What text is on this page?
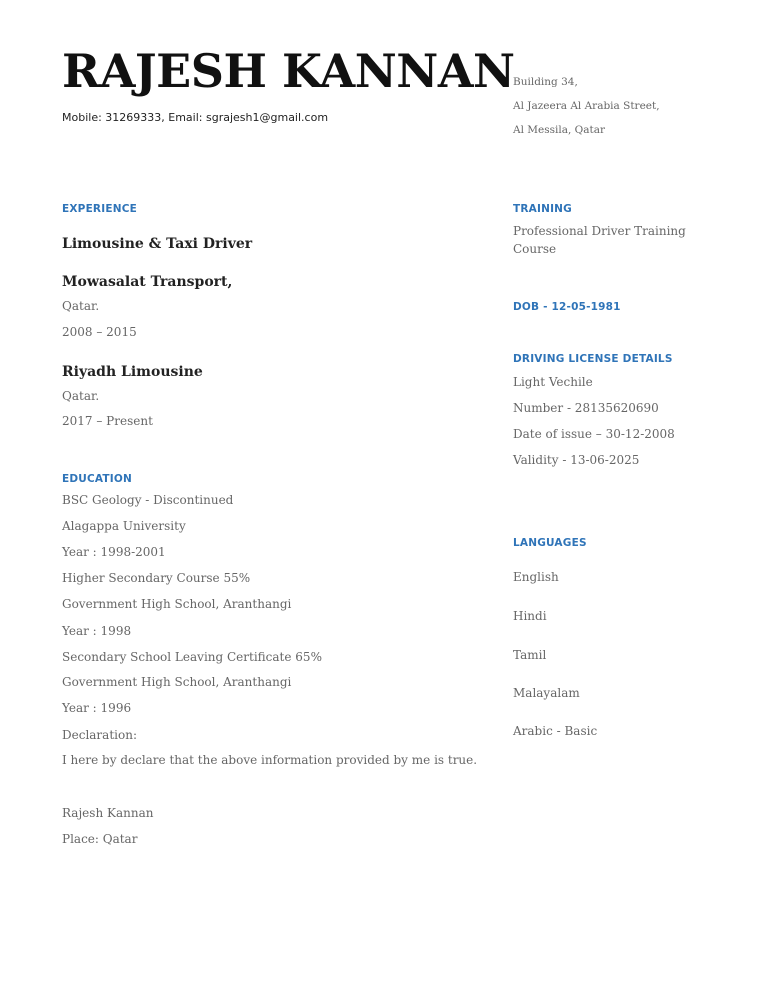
RAJESH KANNAN
Mobile: 31269333, Email: sgrajesh1@gmail.com
Building 34,
Al Jazeera Al Arabia Street,
Al Messila, Qatar
EXPERIENCE
Limousine & Taxi Driver
Mowasalat Transport,
Qatar.
2008 – 2015
Riyadh Limousine
Qatar.
2017 – Present
EDUCATION
BSC Geology - Discontinued
Alagappa University
Year : 1998-2001
Higher Secondary Course 55%
Government High School, Aranthangi
Year : 1998
Secondary School Leaving Certificate 65%
Government High School, Aranthangi
Year : 1996
Declaration:
I here by declare that the above information provided by me is true.
Rajesh Kannan
Place: Qatar
TRAINING
Professional Driver Training
Course
DOB - 12-05-1981
DRIVING LICENSE DETAILS
Light Vechile
Number - 28135620690
Date of issue – 30-12-2008
Validity - 13-06-2025
LANGUAGES
English
Hindi
Tamil
Malayalam
Arabic - Basic
